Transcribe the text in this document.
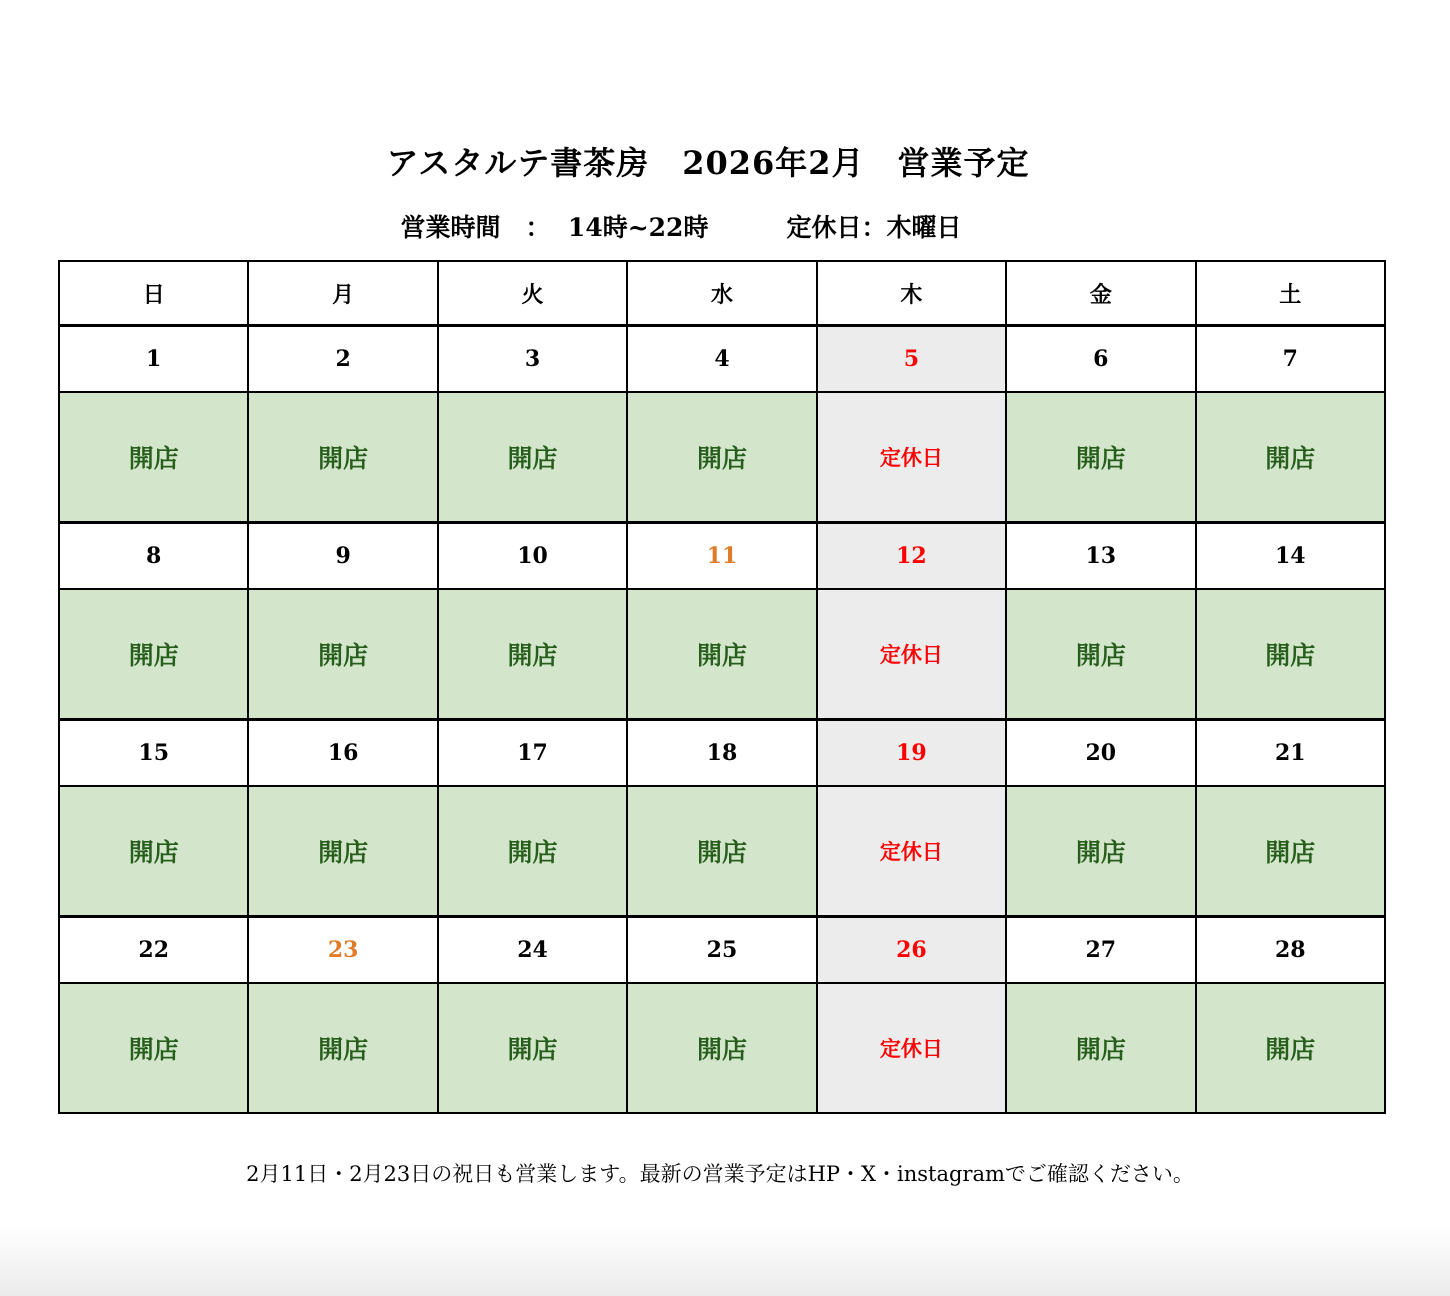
アスタルテ書茶房　2026年2月　営業予定
営業時間　：  14時~22時	定休日：木曜日
日	月	火	水	木	金	土
1	2	3	4	5	6	7
開店	開店	開店	開店	定休日	開店	開店
8	9	10	11	12	13	14
開店	開店	開店	開店	定休日	開店	開店
15	16	17	18	19	20	21
開店	開店	開店	開店	定休日	開店	開店
22	23	24	25	26	27	28
開店	開店	開店	開店	定休日	開店	開店
2月11日・2月23日の祝日も営業します。最新の営業予定はHP・X・instagramでご確認ください。
